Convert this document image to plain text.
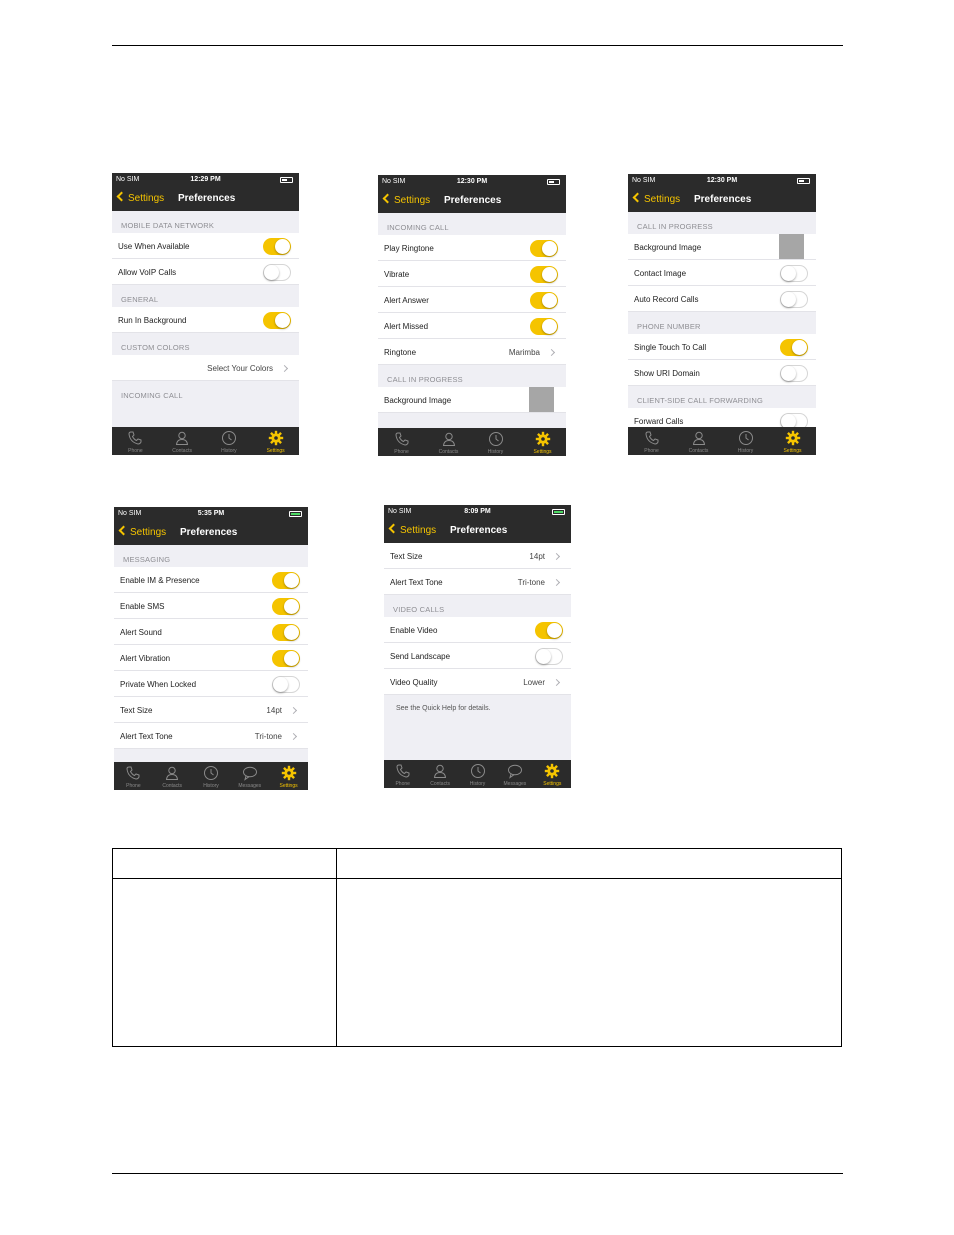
No SIM	12:29 PM
Settings Preferences
MOBILE DATA NETWORK
Use When Available
Allow VoIP Calls
GENERAL
Run In Background
CUSTOM COLORS
Select Your Colors
INCOMING CALL
Phone	Contacts	History	Settings
No SIM	12:30 PM
Settings Preferences
INCOMING CALL
Play Ringtone
Vibrate
Alert Answer
Alert Missed
Ringtone	Marimba
CALL IN PROGRESS
Background Image
Phone	Contacts	History	Settings
No SIM	12:30 PM
Settings Preferences
CALL IN PROGRESS
Background Image
Contact Image
Auto Record Calls
PHONE NUMBER
Single Touch To Call
Show URI Domain
CLIENT-SIDE CALL FORWARDING
Forward Calls
Phone	Contacts	History	Settings
No SIM	5:35 PM
Settings Preferences
MESSAGING
Enable IM & Presence
Enable SMS
Alert Sound
Alert Vibration
Private When Locked
Text Size	14pt
Alert Text Tone	Tri-tone
Phone	Contacts	History	Messages	Settings
No SIM	8:09 PM
Settings Preferences
Text Size	14pt
Alert Text Tone	Tri-tone
VIDEO CALLS
Enable Video
Send Landscape
Video Quality	Lower
See the Quick Help for details.
Phone	Contacts	History	Messages	Settings
